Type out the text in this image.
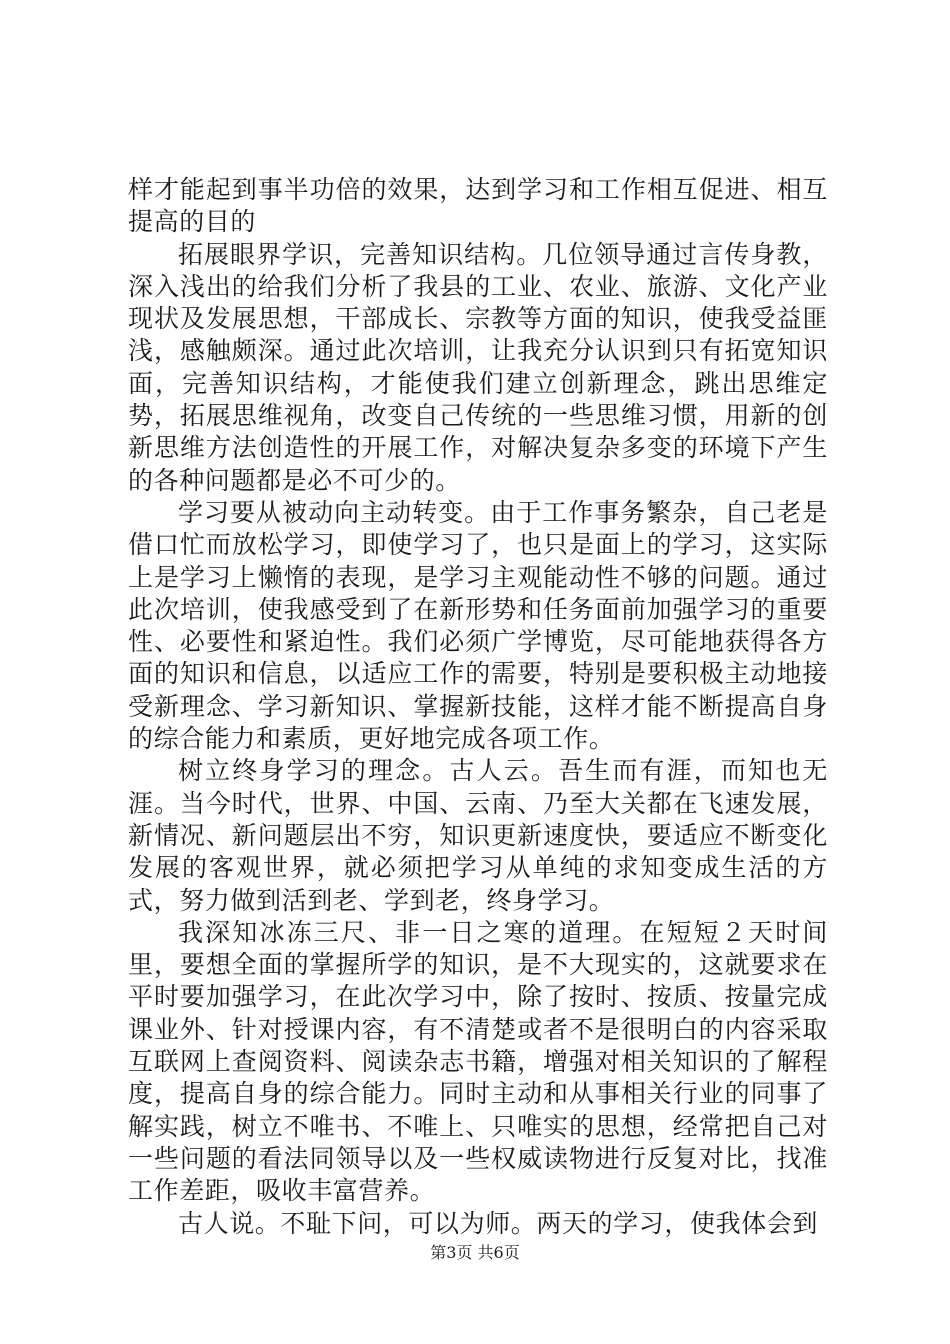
样才能起到事半功倍的效果，达到学习和工作相互促进、相互提高的目的

拓展眼界学识，完善知识结构。几位领导通过言传身教，深入浅出的给我们分析了我县的工业、农业、旅游、文化产业现状及发展思想，干部成长、宗教等方面的知识，使我受益匪浅，感触颇深。通过此次培训，让我充分认识到只有拓宽知识面，完善知识结构，才能使我们建立创新理念，跳出思维定势，拓展思维视角，改变自己传统的一些思维习惯，用新的创新思维方法创造性的开展工作，对解决复杂多变的环境下产生的各种问题都是必不可少的。

学习要从被动向主动转变。由于工作事务繁杂，自己老是借口忙而放松学习，即使学习了，也只是面上的学习，这实际上是学习上懒惰的表现，是学习主观能动性不够的问题。通过此次培训，使我感受到了在新形势和任务面前加强学习的重要性、必要性和紧迫性。我们必须广学博览，尽可能地获得各方面的知识和信息，以适应工作的需要，特别是要积极主动地接受新理念、学习新知识、掌握新技能，这样才能不断提高自身的综合能力和素质，更好地完成各项工作。

树立终身学习的理念。古人云。吾生而有涯，而知也无涯。当今时代，世界、中国、云南、乃至大关都在飞速发展，新情况、新问题层出不穷，知识更新速度快，要适应不断变化发展的客观世界，就必须把学习从单纯的求知变成生活的方式，努力做到活到老、学到老，终身学习。

我深知冰冻三尺、非一日之寒的道理。在短短２天时间里，要想全面的掌握所学的知识，是不大现实的，这就要求在平时要加强学习，在此次学习中，除了按时、按质、按量完成课业外、针对授课内容，有不清楚或者不是很明白的内容采取互联网上查阅资料、阅读杂志书籍，增强对相关知识的了解程度，提高自身的综合能力。同时主动和从事相关行业的同事了解实践，树立不唯书、不唯上、只唯实的思想，经常把自己对一些问题的看法同领导以及一些权威读物进行反复对比，找准工作差距，吸收丰富营养。

古人说。不耻下问，可以为师。两天的学习，使我体会到

第3页 共6页
